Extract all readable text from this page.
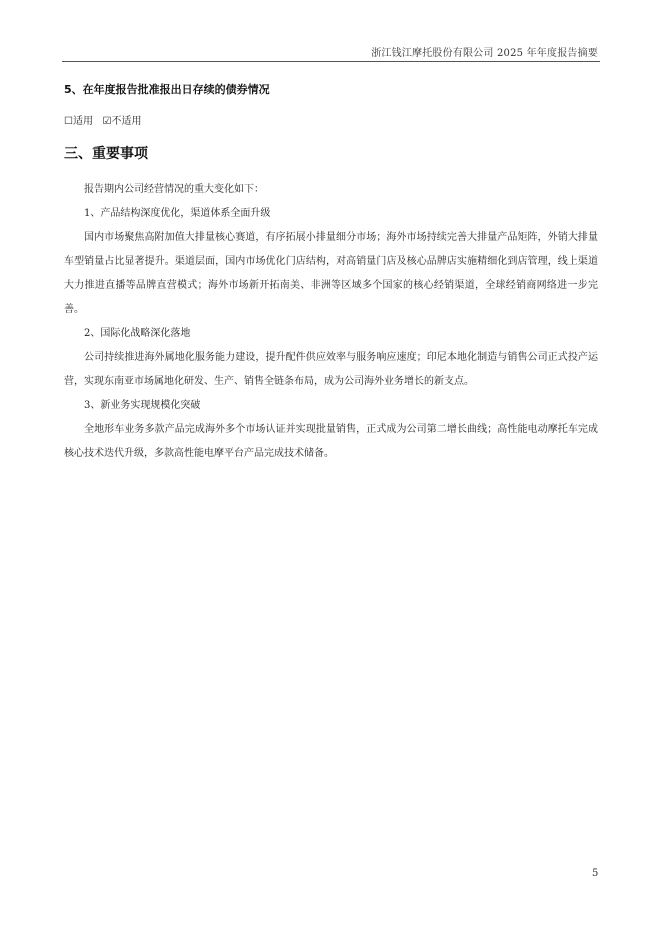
浙江钱江摩托股份有限公司 2025 年年度报告摘要
5、在年度报告批准报出日存续的债券情况
☐适用 ☑不适用
三、重要事项

报告期内公司经营情况的重大变化如下：

1、产品结构深度优化，渠道体系全面升级

国内市场聚焦高附加值大排量核心赛道，有序拓展小排量细分市场；海外市场持续完善大排量产品矩阵，外销大排量车型销量占比显著提升。渠道层面，国内市场优化门店结构，对高销量门店及核心品牌店实施精细化到店管理，线上渠道大力推进直播等品牌直营模式；海外市场新开拓南美、非洲等区域多个国家的核心经销渠道，全球经销商网络进一步完善。

2、国际化战略深化落地

公司持续推进海外属地化服务能力建设，提升配件供应效率与服务响应速度；印尼本地化制造与销售公司正式投产运营，实现东南亚市场属地化研发、生产、销售全链条布局，成为公司海外业务增长的新支点。

3、新业务实现规模化突破

全地形车业务多款产品完成海外多个市场认证并实现批量销售，正式成为公司第二增长曲线；高性能电动摩托车完成核心技术迭代升级，多款高性能电摩平台产品完成技术储备。

5
